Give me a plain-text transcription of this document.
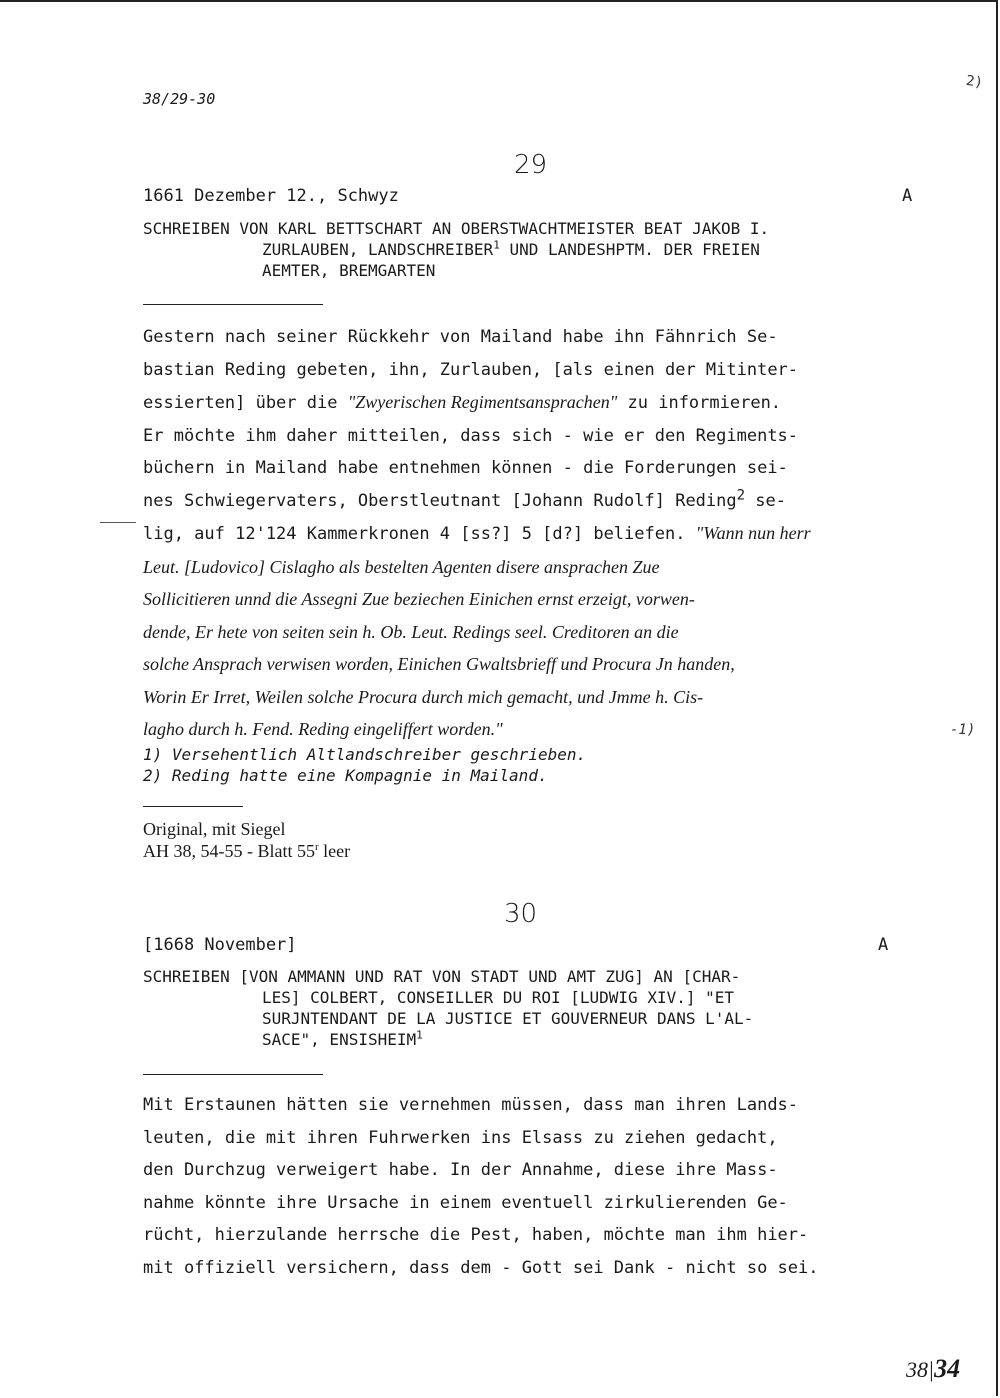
38/29-30
2)
29
1661 Dezember 12., Schwyz	A
SCHREIBEN VON KARL BETTSCHART AN OBERSTWACHTMEISTER BEAT JAKOB I.
ZURLAUBEN, LANDSCHREIBER$^1$ UND LANDESHPTM. DER FREIEN
AEMTER, BREMGARTEN
Gestern nach seiner Rückkehr von Mailand habe ihn Fähnrich Se-
bastian Reding gebeten, ihn, Zurlauben, [als einen der Mitinter-
essierten] über die "Zwyerischen Regimentsansprachen" zu informieren.
Er möchte ihm daher mitteilen, dass sich - wie er den Regiments-
büchern in Mailand habe entnehmen können - die Forderungen sei-
nes Schwiegervaters, Oberstleutnant [Johann Rudolf] Reding$^2$ se-
lig, auf 12'124 Kammerkronen 4 [ss?] 5 [d?] beliefen. "Wann nun herr
Leut. [Ludovico] Cislagho als bestelten Agenten disere ansprachen Zue
Sollicitieren unnd die Assegni Zue beziechen Einichen ernst erzeigt, vorwen-
dende, Er hete von seiten sein h. Ob. Leut. Redings seel. Creditoren an die
solche Ansprach verwisen worden, Einichen Gwaltsbrieff und Procura Jn handen,
Worin Er Irret, Weilen solche Procura durch mich gemacht, und Jmme h. Cis-
lagho durch h. Fend. Reding eingeliffert worden."	-1)
1) Versehentlich Altlandschreiber geschrieben.
2) Reding hatte eine Kompagnie in Mailand.
Original, mit Siegel
AH 38, 54-55 - Blatt 55$^r$ leer
30
[1668 November]	A
SCHREIBEN [VON AMMANN UND RAT VON STADT UND AMT ZUG] AN [CHAR-
LES] COLBERT, CONSEILLER DU ROI [LUDWIG XIV.] "ET
SURJNTENDANT DE LA JUSTICE ET GOUVERNEUR DANS L'AL-
SACE", ENSISHEIM$^1$
Mit Erstaunen hätten sie vernehmen müssen, dass man ihren Lands-
leuten, die mit ihren Fuhrwerken ins Elsass zu ziehen gedacht,
den Durchzug verweigert habe. In der Annahme, diese ihre Mass-
nahme könnte ihre Ursache in einem eventuell zirkulierenden Ge-
rücht, hierzulande herrsche die Pest, haben, möchte man ihm hier-
mit offiziell versichern, dass dem - Gott sei Dank - nicht so sei.
38|34
